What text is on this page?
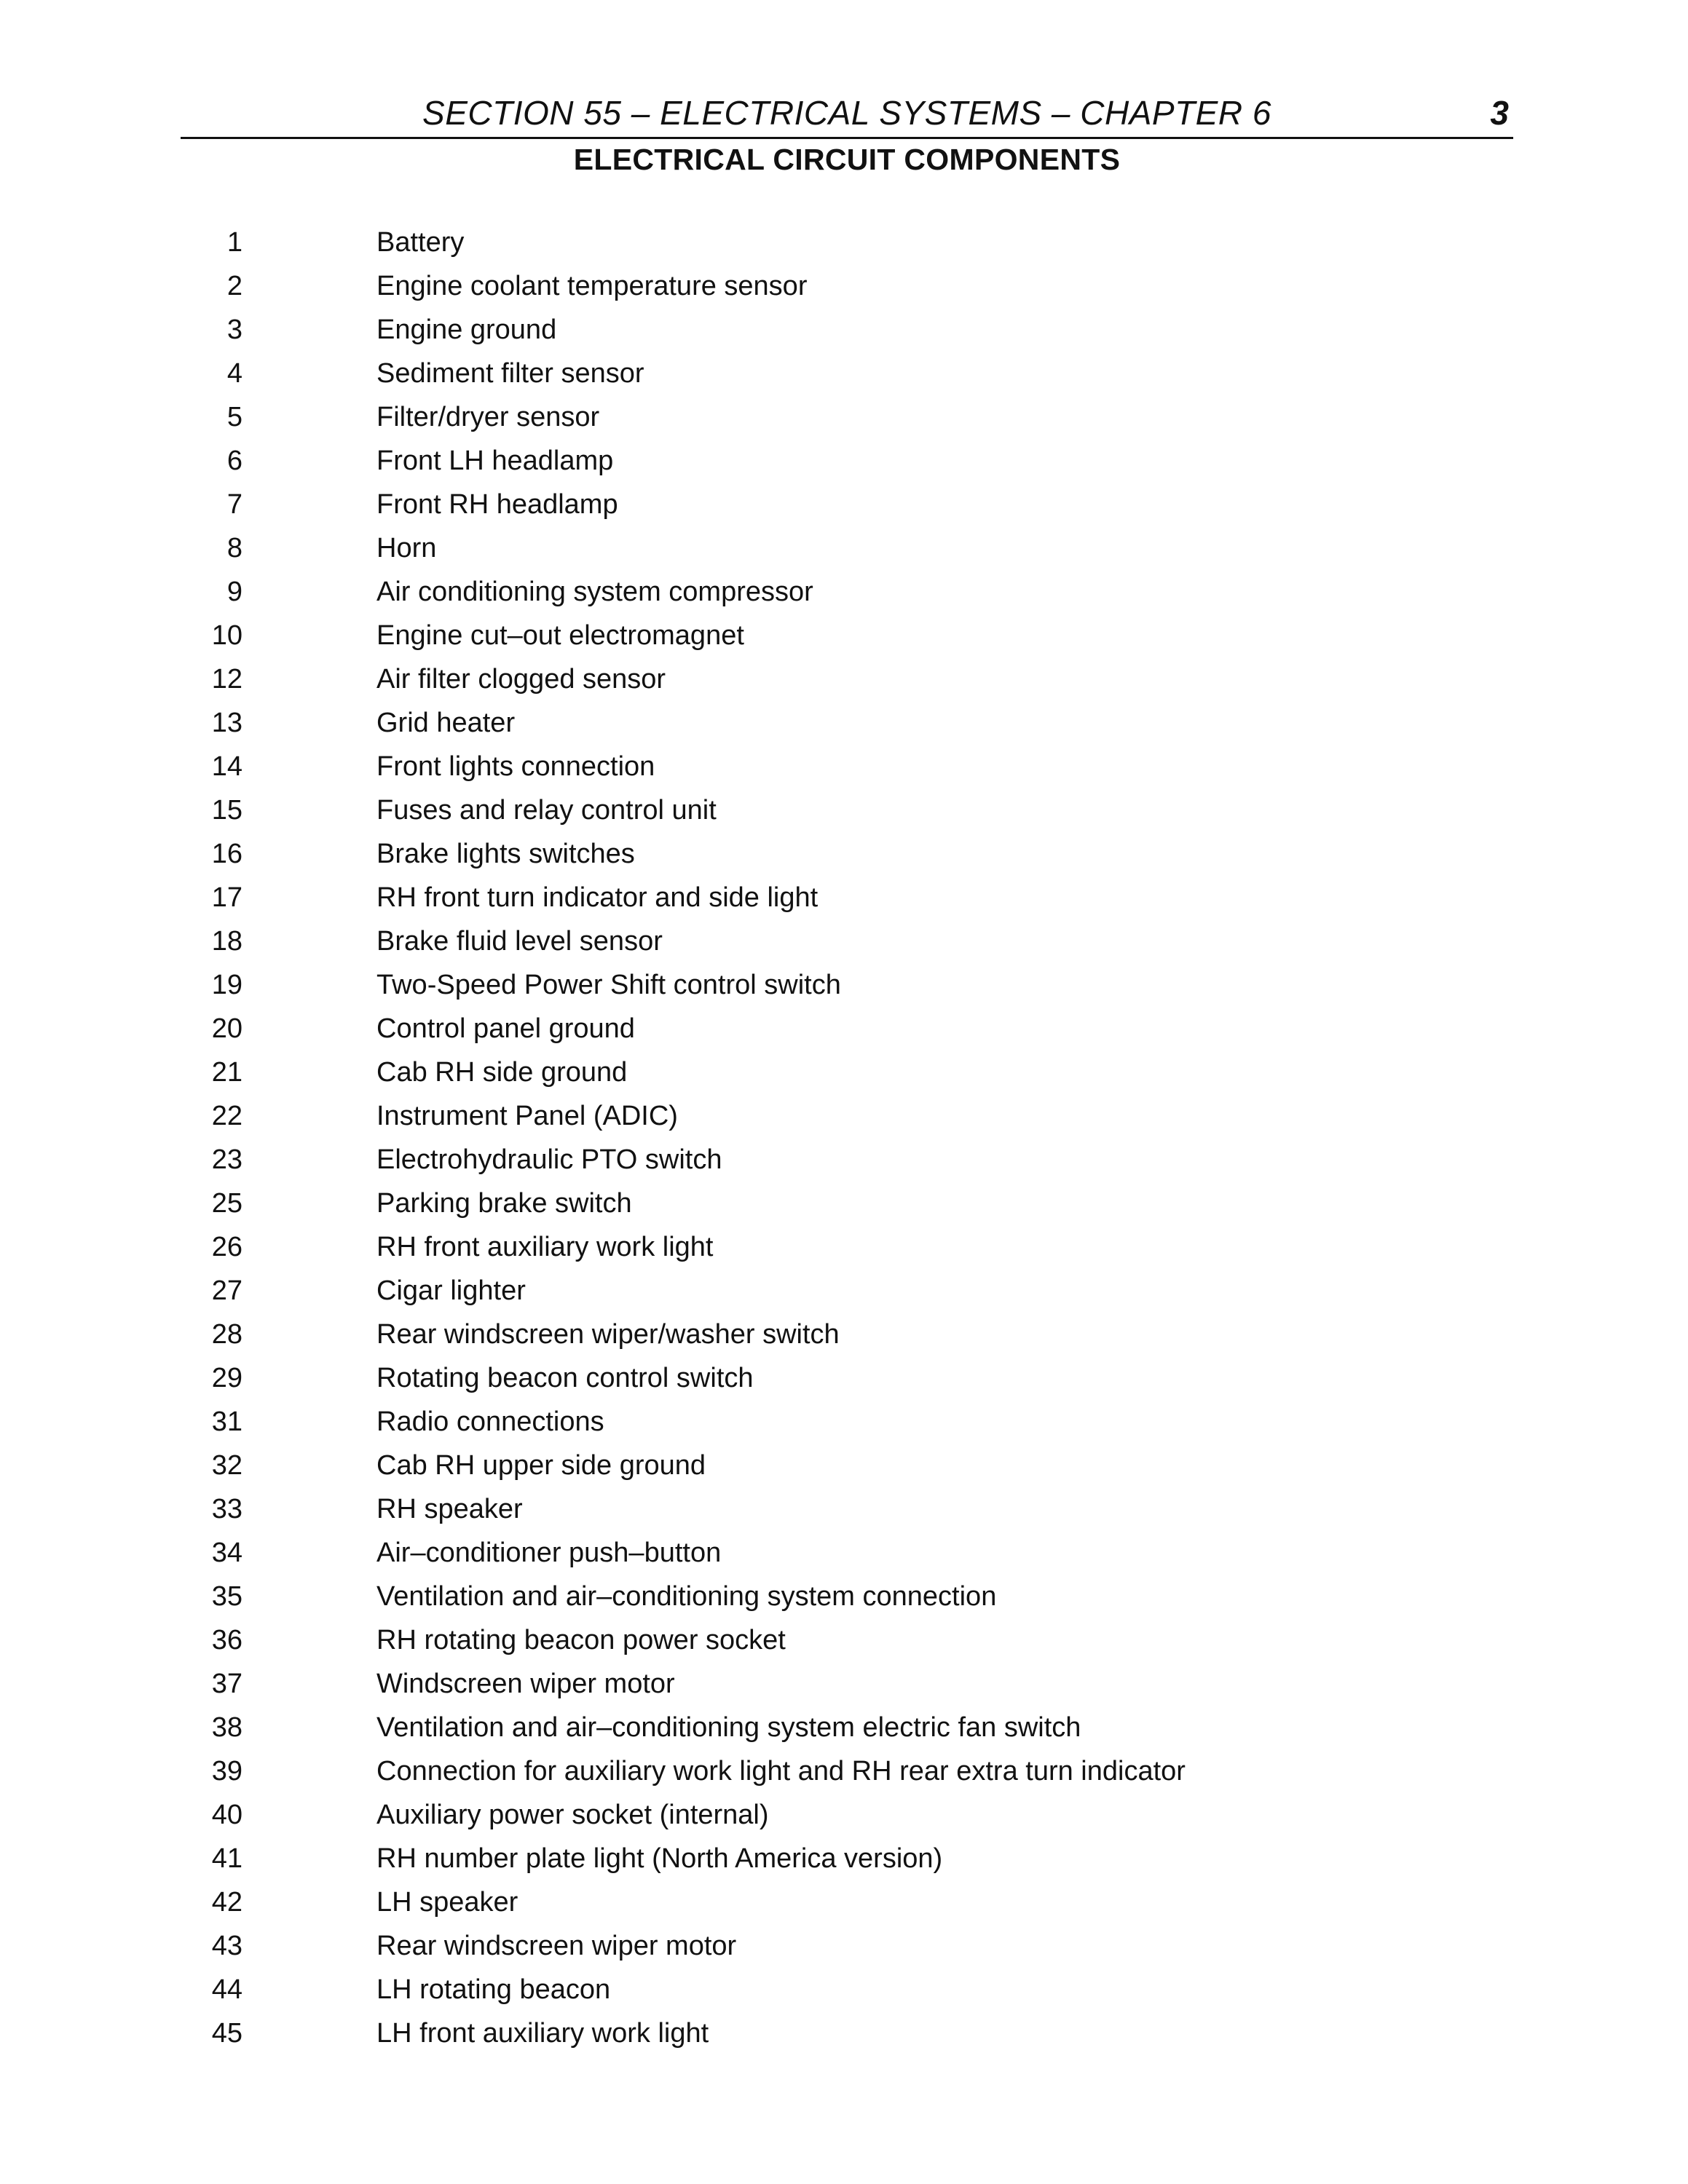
SECTION 55 – ELECTRICAL SYSTEMS – CHAPTER 6	3
ELECTRICAL CIRCUIT COMPONENTS
1	Battery
2	Engine coolant temperature sensor
3	Engine ground
4	Sediment filter sensor
5	Filter/dryer sensor
6	Front LH headlamp
7	Front RH headlamp
8	Horn
9	Air conditioning system compressor
10	Engine cut–out electromagnet
12	Air filter clogged sensor
13	Grid heater
14	Front lights connection
15	Fuses and relay control unit
16	Brake lights switches
17	RH front turn indicator and side light
18	Brake fluid level sensor
19	Two-Speed Power Shift control switch
20	Control panel ground
21	Cab RH side ground
22	Instrument Panel (ADIC)
23	Electrohydraulic PTO switch
25	Parking brake switch
26	RH front auxiliary work light
27	Cigar lighter
28	Rear windscreen wiper/washer switch
29	Rotating beacon control switch
31	Radio connections
32	Cab RH upper side ground
33	RH speaker
34	Air–conditioner push–button
35	Ventilation and air–conditioning system connection
36	RH rotating beacon power socket
37	Windscreen wiper motor
38	Ventilation and air–conditioning system electric fan switch
39	Connection for auxiliary work light and RH rear extra turn indicator
40	Auxiliary power socket (internal)
41	RH number plate light (North America version)
42	LH speaker
43	Rear windscreen wiper motor
44	LH rotating beacon
45	LH front auxiliary work light
